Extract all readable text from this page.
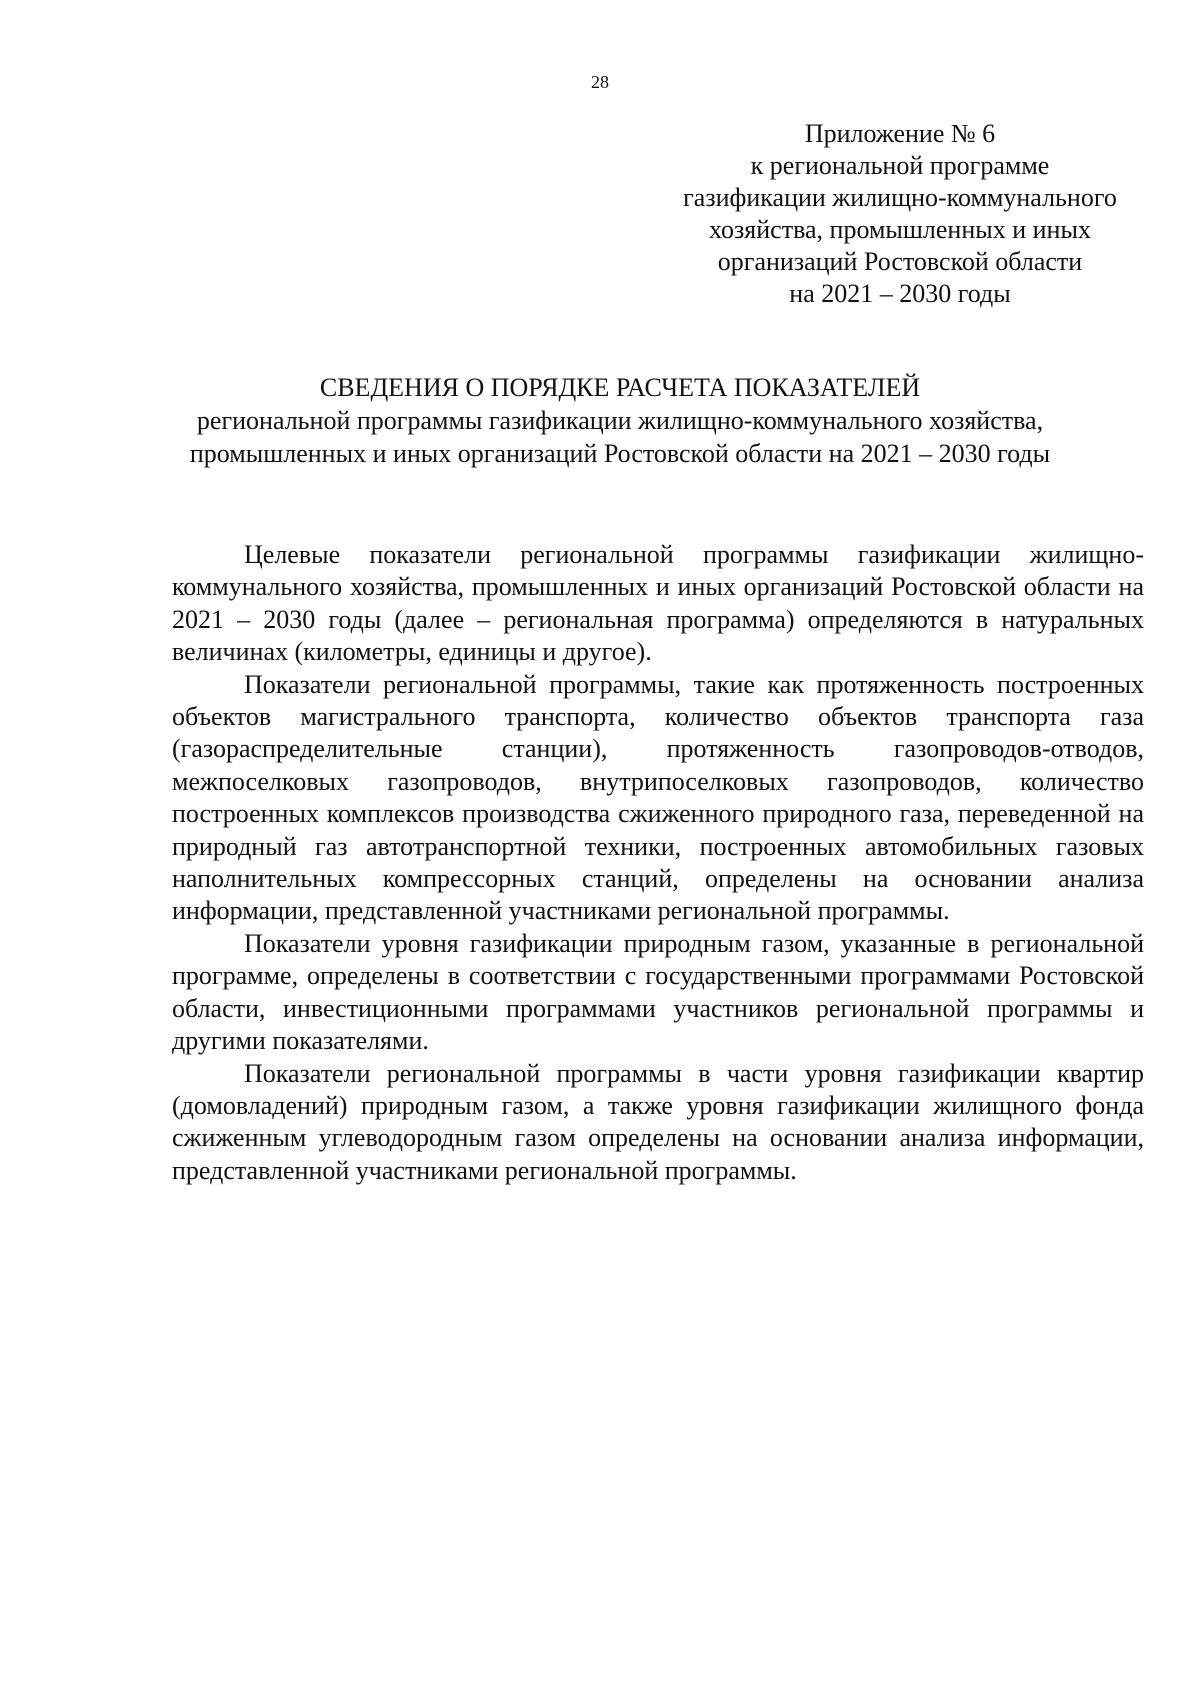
28
Приложение № 6
к региональной программе
газификации жилищно-коммунального
хозяйства, промышленных и иных
организаций Ростовской области
на 2021 – 2030 годы
СВЕДЕНИЯ О ПОРЯДКЕ РАСЧЕТА ПОКАЗАТЕЛЕЙ
региональной программы газификации жилищно-коммунального хозяйства,
промышленных и иных организаций Ростовской области на 2021 – 2030 годы

Целевые показатели региональной программы газификации жилищно-коммунального хозяйства, промышленных и иных организаций Ростовской области на 2021 – 2030 годы (далее – региональная программа) определяются в натуральных величинах (километры, единицы и другое).

Показатели региональной программы, такие как протяженность построенных объектов магистрального транспорта, количество объектов транспорта газа (газораспределительные станции), протяженность газопроводов-отводов, межпоселковых газопроводов, внутрипоселковых газопроводов, количество построенных комплексов производства сжиженного природного газа, переведенной на природный газ автотранспортной техники, построенных автомобильных газовых наполнительных компрессорных станций, определены на основании анализа информации, представленной участниками региональной программы.

Показатели уровня газификации природным газом, указанные в региональной программе, определены в соответствии с государственными программами Ростовской области, инвестиционными программами участников региональной программы и другими показателями.

Показатели региональной программы в части уровня газификации квартир (домовладений) природным газом, а также уровня газификации жилищного фонда сжиженным углеводородным газом определены на основании анализа информации, представленной участниками региональной программы.
